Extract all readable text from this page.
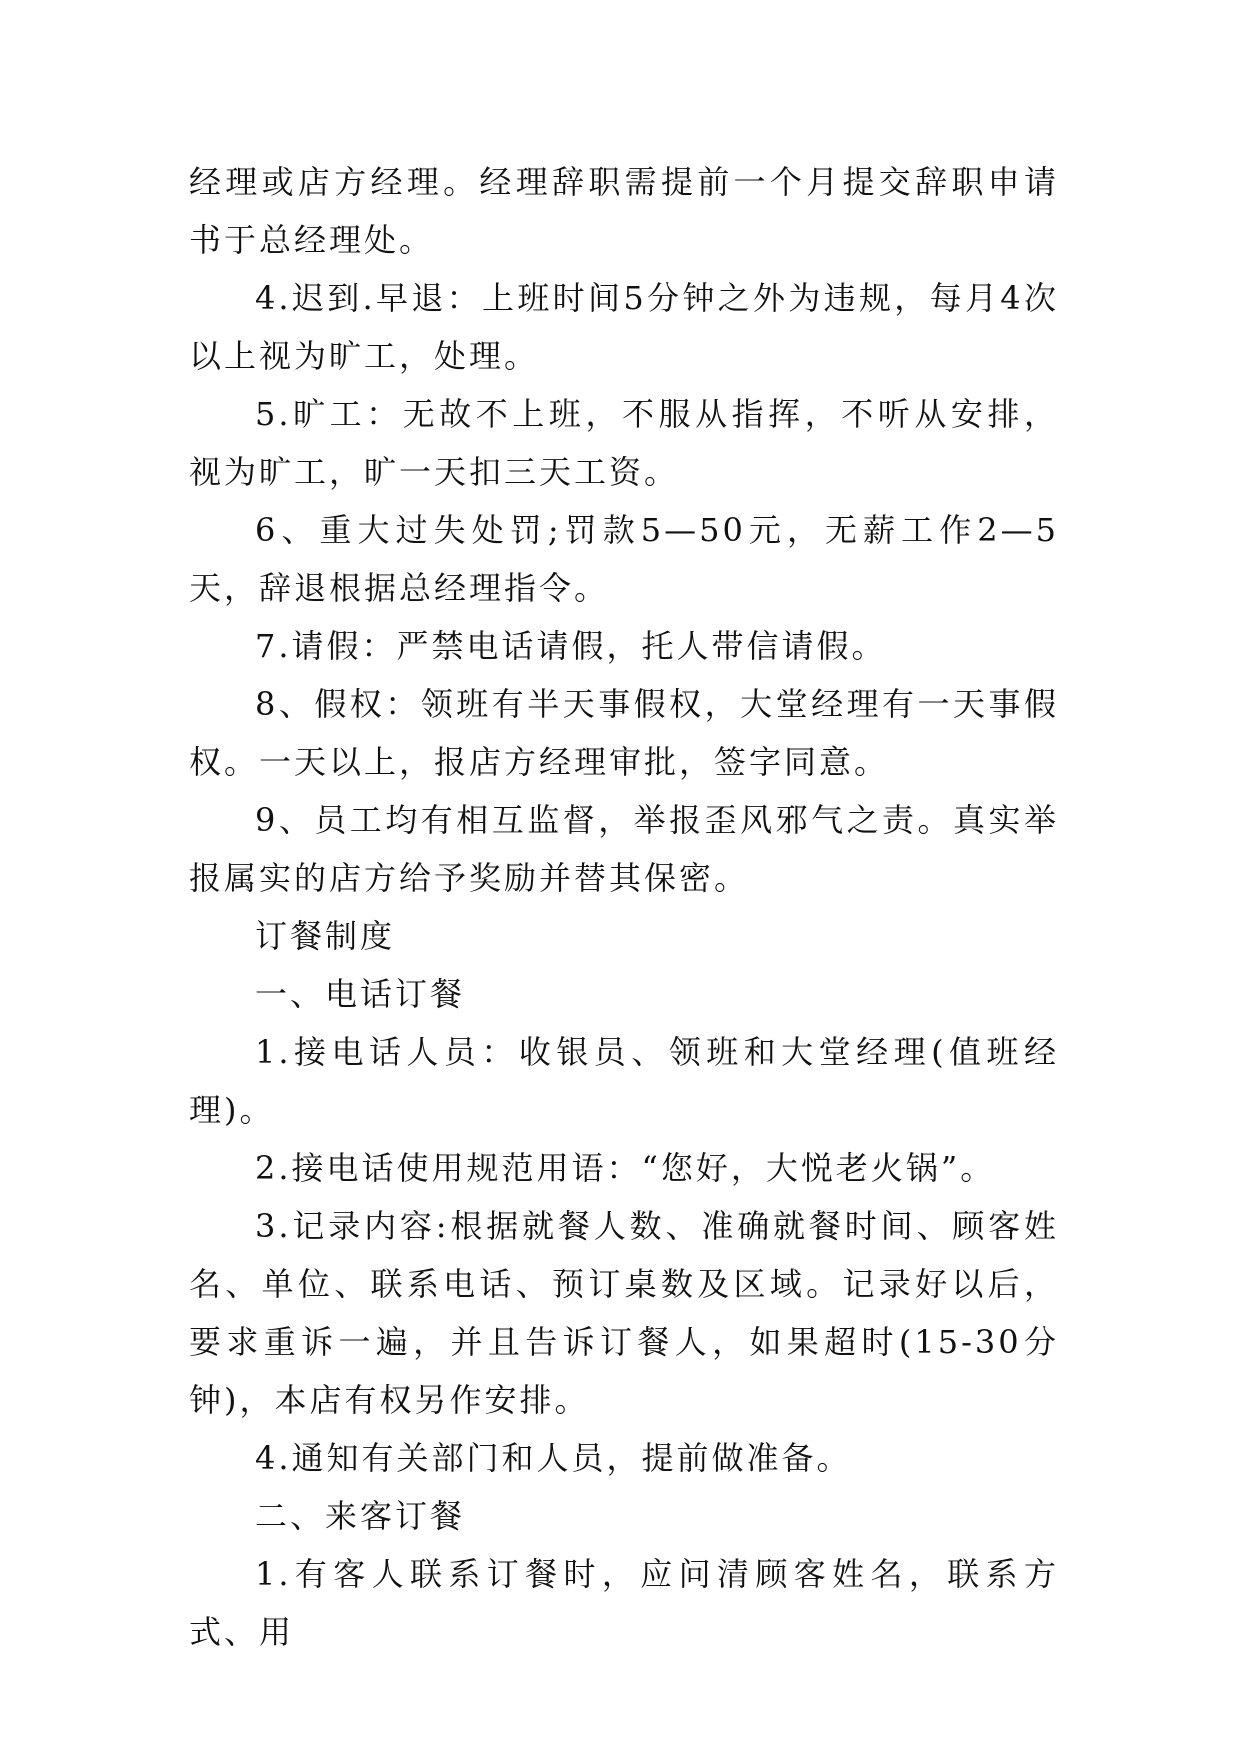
经理或店方经理。经理辞职需提前一个月提交辞职申请书于总经理处。

4.迟到.早退：上班时间5分钟之外为违规，每月4次以上视为旷工，处理。

5.旷工：无故不上班，不服从指挥，不听从安排，视为旷工，旷一天扣三天工资。

6、重大过失处罚;罚款5—50元，无薪工作2—5天，辞退根据总经理指令。

7.请假：严禁电话请假，托人带信请假。

8、假权：领班有半天事假权，大堂经理有一天事假权。一天以上，报店方经理审批，签字同意。

9、员工均有相互监督，举报歪风邪气之责。真实举报属实的店方给予奖励并替其保密。

订餐制度

一、电话订餐

1.接电话人员：收银员、领班和大堂经理(值班经理)。

2.接电话使用规范用语：“您好，大悦老火锅”。

3.记录内容:根据就餐人数、准确就餐时间、顾客姓名、单位、联系电话、预订桌数及区域。记录好以后，要求重诉一遍，并且告诉订餐人，如果超时(15-30分钟)，本店有权另作安排。

4.通知有关部门和人员，提前做准备。

二、来客订餐

1.有客人联系订餐时，应问清顾客姓名，联系方式、用
